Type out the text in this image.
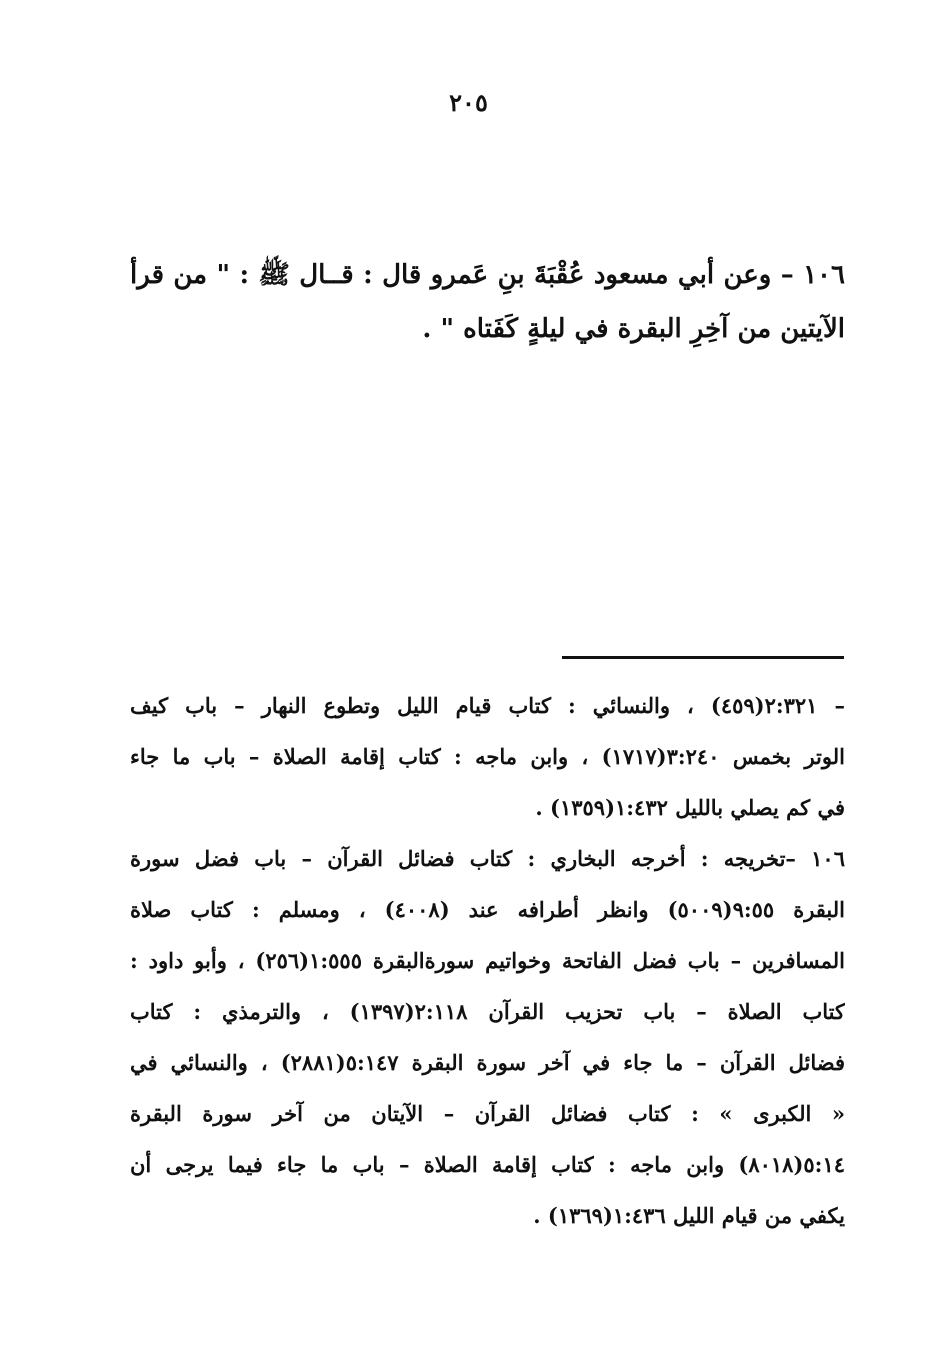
٢٠٥

١٠٦ – وعن أبي مسعود عُقْبَةَ بنِ عَمرو قال : قــال ﷺ : " من قرأ الآيتين من آخِرِ البقرة في ليلةٍ كَفَتاه " .

– ٢:٣٢١(٤٥٩) ، والنسائي : كتاب قيام الليل وتطوع النهار – باب كيف
الوتر بخمس ٣:٢٤٠(١٧١٧) ، وابن ماجه : كتاب إقامة الصلاة – باب ما جاء
في كم يصلي بالليل ١:٤٣٢(١٣٥٩) .
١٠٦ –تخريجه : أخرجه البخاري : كتاب فضائل القرآن – باب فضل سورة
البقرة ٩:٥٥(٥٠٠٩) وانظر أطرافه عند (٤٠٠٨) ، ومسلم : كتاب صلاة
المسافرين – باب فضل الفاتحة وخواتيم سورةالبقرة ١:٥٥٥(٢٥٦) ، وأبو داود :
كتاب الصلاة – باب تحزيب القرآن ٢:١١٨(١٣٩٧) ، والترمذي : كتاب
فضائل القرآن – ما جاء في آخر سورة البقرة ٥:١٤٧(٢٨٨١) ، والنسائي في
« الكبرى » : كتاب فضائل القرآن – الآيتان من آخر سورة البقرة
٥:١٤(٨٠١٨) وابن ماجه : كتاب إقامة الصلاة – باب ما جاء فيما يرجى أن
يكفي من قيام الليل ١:٤٣٦(١٣٦٩) .
